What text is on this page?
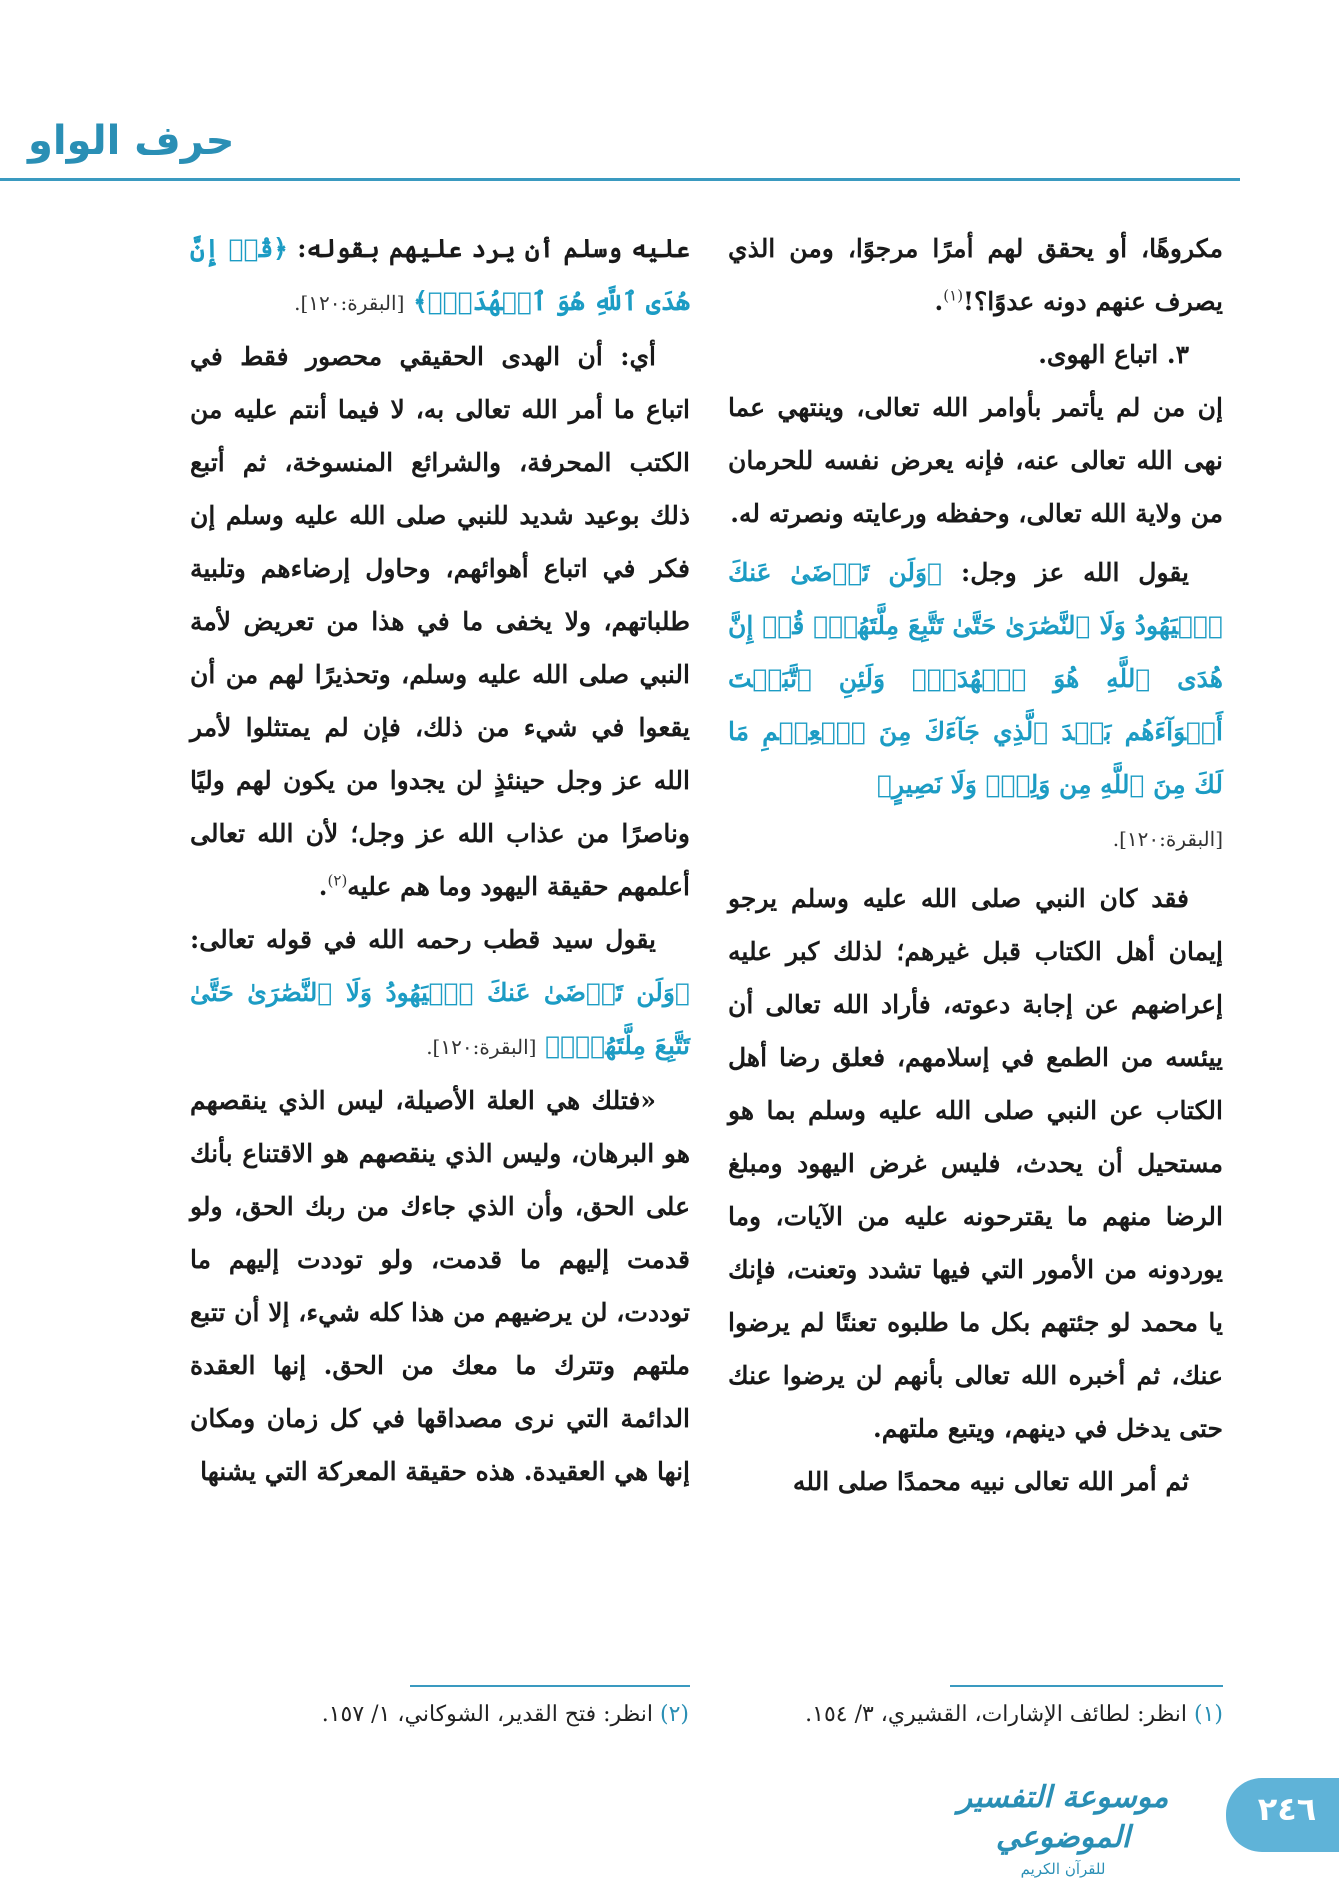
حرف الواو

مكروهًا، أو يحقق لهم أمرًا مرجوًا، ومن الذي يصرف عنهم دونه عدوًا؟!$^{(١)}$.

٣. اتباع الهوى.

إن من لم يأتمر بأوامر الله تعالى، وينتهي عما نهى الله تعالى عنه، فإنه يعرض نفسه للحرمان من ولاية الله تعالى، وحفظه ورعايته ونصرته له.

يقول الله عز وجل: ﴿وَلَن تَرۡضَىٰ عَنكَ ٱلۡيَهُودُ وَلَا ٱلنَّصَٰرَىٰ حَتَّىٰ تَتَّبِعَ مِلَّتَهُمۡۗ قُلۡ إِنَّ هُدَى ٱللَّهِ هُوَ ٱلۡهُدَىٰۗ وَلَئِنِ ٱتَّبَعۡتَ أَهۡوَآءَهُم بَعۡدَ ٱلَّذِي جَآءَكَ مِنَ ٱلۡعِلۡمِ مَا لَكَ مِنَ ٱللَّهِ مِن وَلِيّٖ وَلَا نَصِيرٍ﴾
[البقرة:١٢٠].

فقد كان النبي صلى الله عليه وسلم يرجو إيمان أهل الكتاب قبل غيرهم؛ لذلك كبر عليه إعراضهم عن إجابة دعوته، فأراد الله تعالى أن ييئسه من الطمع في إسلامهم، فعلق رضا أهل الكتاب عن النبي صلى الله عليه وسلم بما هو مستحيل أن يحدث، فليس غرض اليهود ومبلغ الرضا منهم ما يقترحونه عليه من الآيات، وما يوردونه من الأمور التي فيها تشدد وتعنت، فإنك يا محمد لو جئتهم بكل ما طلبوه تعنتًا لم يرضوا عنك، ثم أخبره الله تعالى بأنهم لن يرضوا عنك حتى يدخل في دينهم، ويتبع ملتهم.

ثم أمر الله تعالى نبيه محمدًا صلى الله

عليه وسلم أن يرد عليهم بقوله: ﴿قُلۡ إِنَّ هُدَى ٱللَّهِ هُوَ ٱلۡهُدَىٰۗ﴾ [البقرة:١٢٠].

أي: أن الهدى الحقيقي محصور فقط في اتباع ما أمر الله تعالى به، لا فيما أنتم عليه من الكتب المحرفة، والشرائع المنسوخة، ثم أتبع ذلك بوعيد شديد للنبي صلى الله عليه وسلم إن فكر في اتباع أهوائهم، وحاول إرضاءهم وتلبية طلباتهم، ولا يخفى ما في هذا من تعريض لأمة النبي صلى الله عليه وسلم، وتحذيرًا لهم من أن يقعوا في شيء من ذلك، فإن لم يمتثلوا لأمر الله عز وجل حينئذٍ لن يجدوا من يكون لهم وليًا وناصرًا من عذاب الله عز وجل؛ لأن الله تعالى أعلمهم حقيقة اليهود وما هم عليه$^{(٢)}$.

يقول سيد قطب رحمه الله في قوله تعالى: ﴿وَلَن تَرۡضَىٰ عَنكَ ٱلۡيَهُودُ وَلَا ٱلنَّصَٰرَىٰ حَتَّىٰ تَتَّبِعَ مِلَّتَهُمۡۗ﴾ [البقرة:١٢٠].

«فتلك هي العلة الأصيلة، ليس الذي ينقصهم هو البرهان، وليس الذي ينقصهم هو الاقتناع بأنك على الحق، وأن الذي جاءك من ربك الحق، ولو قدمت إليهم ما قدمت، ولو توددت إليهم ما توددت، لن يرضيهم من هذا كله شيء، إلا أن تتبع ملتهم وتترك ما معك من الحق. إنها العقدة الدائمة التي نرى مصداقها في كل زمان ومكان إنها هي العقيدة. هذه حقيقة المعركة التي يشنها

(١) انظر: لطائف الإشارات، القشيري، ٣/ ١٥٤.
(٢) انظر: فتح القدير، الشوكاني، ١/ ١٥٧.
٢٤٦
موسوعة التفسير الموضوعي
للقرآن الكريم
